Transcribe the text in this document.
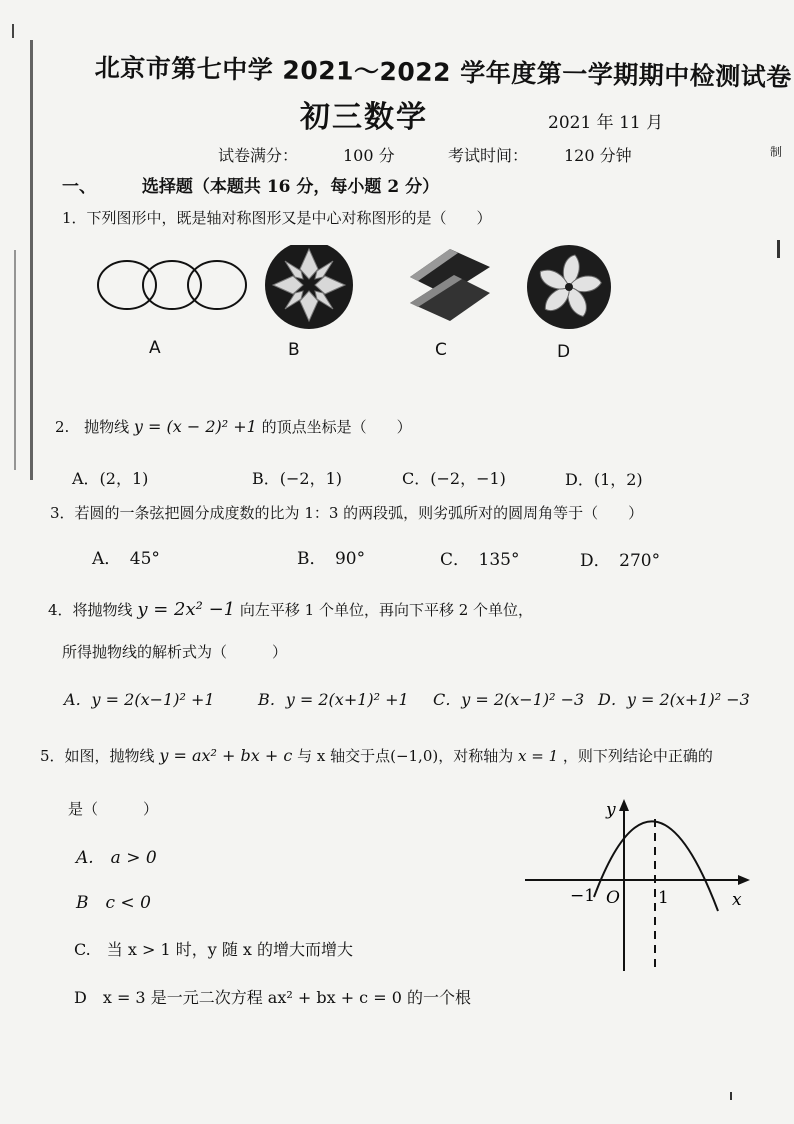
北京市第七中学 2021～2022 学年度第一学期期中检测试卷
初三数学	2021 年 11 月
试卷满分：	100 分	考试时间： 120 分钟	制
一、	选择题（本题共 16 分，每小题 2 分）
1．下列图形中，既是轴对称图形又是中心对称图形的是（　　）
A	B	C	D
2. 抛物线 y = (x − 2)² +1 的顶点坐标是（　　）
A．(2，1)	B．(−2，1)	C．(−2，−1)	D．(1，2)
3．若圆的一条弦把圆分成度数的比为 1：3 的两段弧，则劣弧所对的圆周角等于（　　）
A．　45°	B．　90°	C．　135°	D．　270°
4．将抛物线 y = 2x² −1 向左平移 1 个单位，再向下平移 2 个单位，
所得抛物线的解析式为（　　　）
A．y = 2(x−1)² +1	B．y = 2(x+1)² +1 C．y = 2(x−1)² −3 D．y = 2(x+1)² −3
5．如图，抛物线 y = ax² + bx + c 与 x 轴交于点(−1,0)，对称轴为 x = 1 ，则下列结论中正确的
是（　　　）
A.　a > 0
B　c < 0
C.　当 x > 1 时，y 随 x 的增大而增大
D　x = 3 是一元二次方程 ax² + bx + c = 0 的一个根
y
x
−1 O 1
